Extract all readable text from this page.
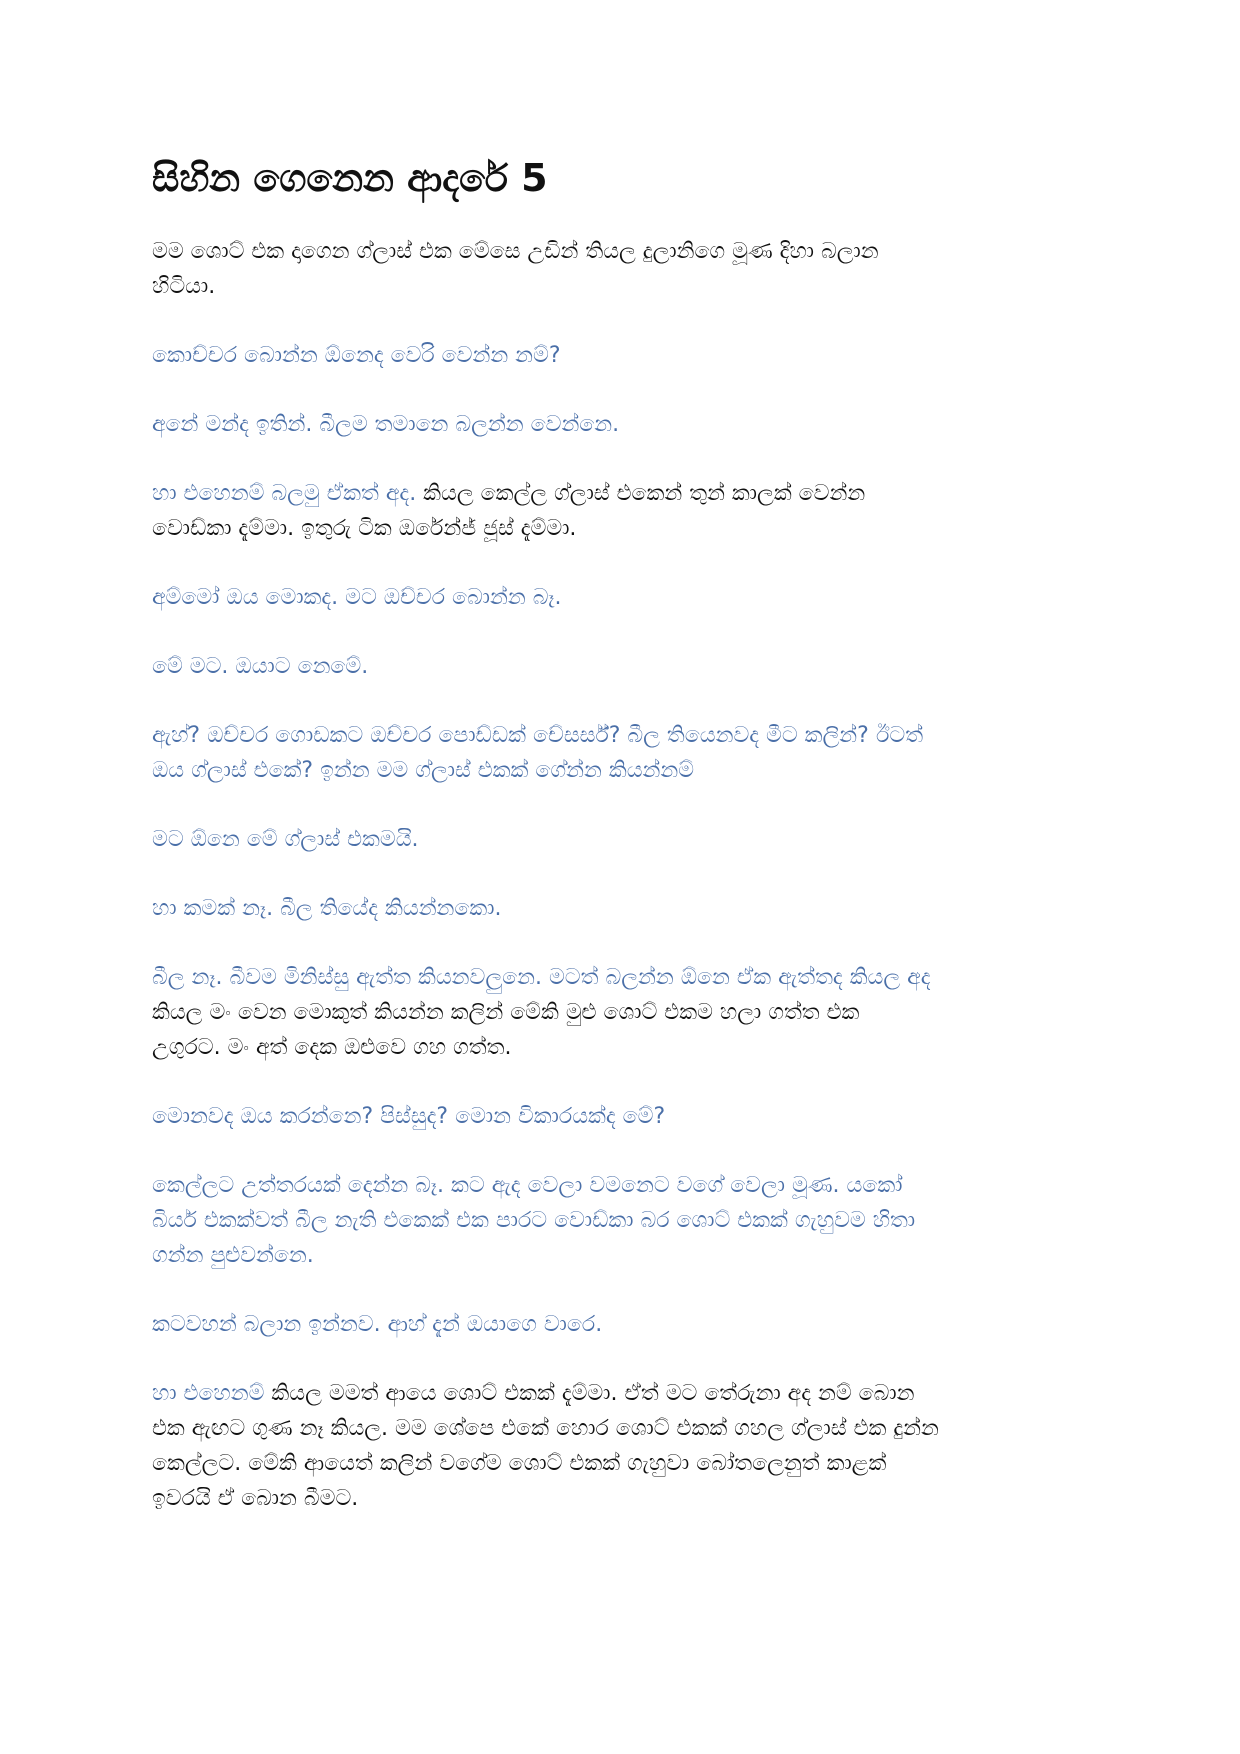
සිහින ගෙනෙන ආදරේ 5
මම ශොට් එක දාගෙන ග්ලාස් එක මේසෙ උඩින් තියල දුලානිගෙ මූණ දිහා බලාන
හිටියා.
කොච්චර බොන්න ඕනෙද වෙරි වෙන්න නම්?
අනේ මන්ද ඉතින්. බීලම තමානෙ බලන්න වෙන්නෙ.
හා එහෙනම් බලමු ඒකත් අද. කියල කෙල්ල ග්ලාස් එකෙන් තුන් කාලක් වෙන්න
වොඩ්කා දැම්මා. ඉතුරු ටික ඔරේන්ජ් ජූස් දැම්මා.
අම්මෝ ඔය මොකද. මට ඔච්චර බොන්න බෑ.
මේ මට. ඔයාට නෙමේ.
ඇහ්? ඔච්චර ගොඩකට ඔච්චර පොඩ්ඩක් චේසර්ස්? බීල තියෙනවද මීට කලින්? ඊටත්
ඔය ග්ලාස් එකේ? ඉන්න මම ග්ලාස් එකක් ගේන්න කියන්නම්
මට ඕනෙ මේ ග්ලාස් එකමයි.
හා කමක් නෑ. බීල තියේද කියන්නකො.
බීල නෑ. බීවම මිනිස්සු ඇත්ත කියනවලුනෙ. මටත් බලන්න ඕනෙ ඒක ඇත්තද කියල අද
කියල මං වෙන මොකුත් කියන්න කලින් මේකි මුළු ශොට් එකම හලා ගත්ත එක
උගුරට. මං අත් දෙක ඔළුවෙ ගහ ගත්ත.
මොනවද ඔය කරන්නෙ? පිස්සුද? මොන විකාරයක්ද මේ?
කෙල්ලට උත්තරයක් දෙන්න බෑ. කට ඇද වෙලා වමනෙට වගේ වෙලා මූණ. යකෝ
බියර් එකක්වත් බීල නැති එකෙක් එක පාරට වොඩ්කා බර ශොට් එකක් ගැහුවම හිතා
ගන්න පුළුවන්නෙ.
කටවහන් බලාන ඉන්නව. ආහ් දැන් ඔයාගෙ වාරෙ.
හා එහෙනම් කියල මමත් ආයෙ ශොට් එකක් දැම්මා. ඒත් මට තේරුනා අද නම් බොන
එක ඇඟට ගුණ නෑ කියල. මම ශේපෙ එකේ හොර ශොට් එකක් ගහල ග්ලාස් එක දුන්න
කෙල්ලට. මේකි ආයෙත් කලින් වගේම ශොට් එකක් ගැහුවා බෝතලෙනුත් කාළක්
ඉවරයි ඒ බොන බීමට.
